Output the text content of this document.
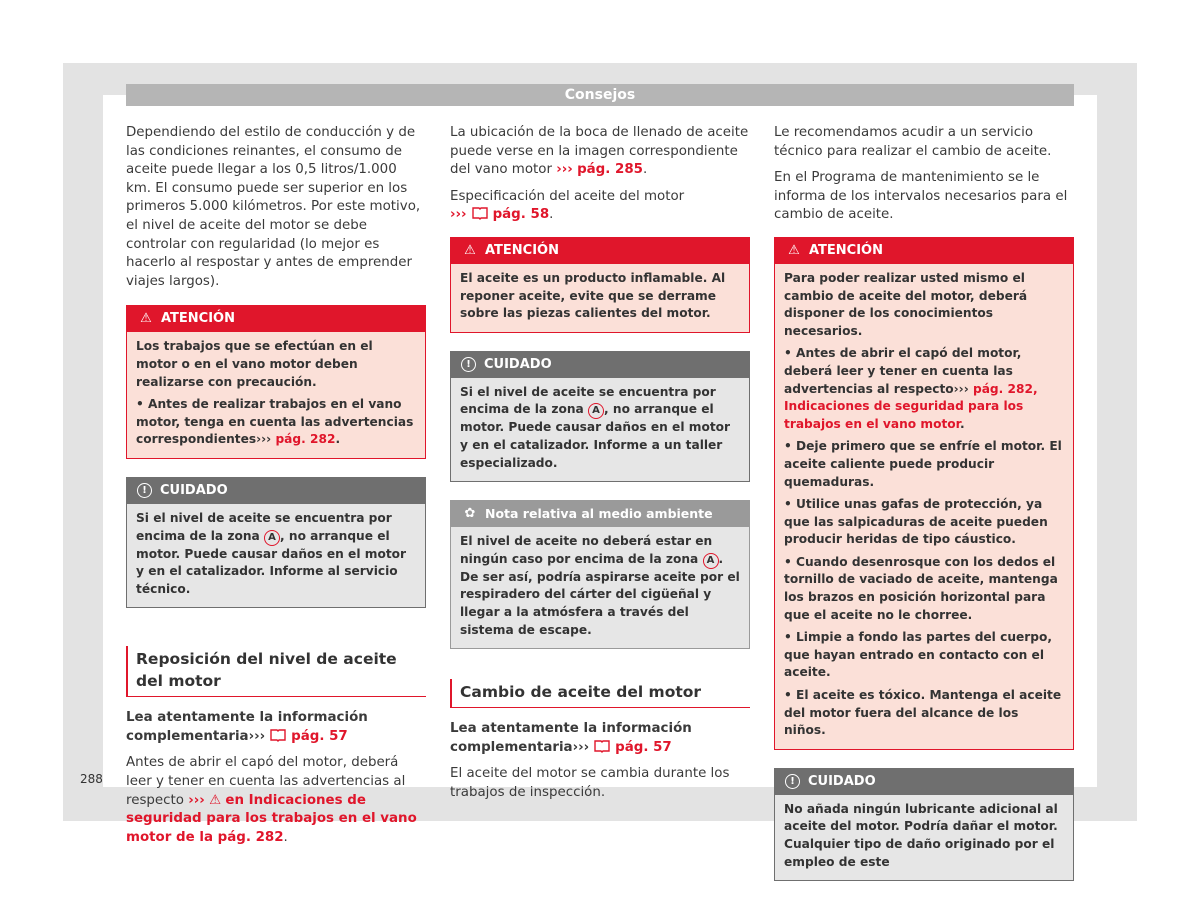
Consejos

Dependiendo del estilo de conducción y de las condiciones reinantes, el consumo de aceite puede llegar a los 0,5 litros/1.000 km. El consumo puede ser superior en los primeros 5.000 kilómetros. Por este motivo, el nivel de aceite del motor se debe controlar con regularidad (lo mejor es hacerlo al respostar y antes de emprender viajes largos).

⚠ ATENCIÓN

Los trabajos que se efectúan en el motor o en el vano motor deben realizarse con precaución.

• Antes de realizar trabajos en el vano motor, tenga en cuenta las advertencias correspondientes››› pág. 282.

!	CUIDADO

Si el nivel de aceite se encuentra por encima de la zona A , no arranque el motor. Puede causar daños en el motor y en el catalizador. Informe al servicio técnico.

Reposición del nivel de aceite del motor

Lea atentamente la información complementaria››› pág. 57

Antes de abrir el capó del motor, deberá leer y tener en cuenta las advertencias al respecto ››› ⚠ en Indicaciones de seguridad para los trabajos en el vano motor de la pág. 282.

La ubicación de la boca de llenado de aceite puede verse en la imagen correspondiente del vano motor ››› pág. 285.

Especificación del aceite del motor
››› pág. 58.

⚠ ATENCIÓN

El aceite es un producto inflamable. Al reponer aceite, evite que se derrame sobre las piezas calientes del motor.

!	CUIDADO

Si el nivel de aceite se encuentra por encima de la zona A , no arranque el motor. Puede causar daños en el motor y en el catalizador. Informe a un taller especializado.

✿ Nota relativa al medio ambiente

El nivel de aceite no deberá estar en ningún caso por encima de la zona A . De ser así, podría aspirarse aceite por el respiradero del cárter del cigüeñal y llegar a la atmósfera a través del sistema de escape.

Cambio de aceite del motor

Lea atentamente la información complementaria››› pág. 57

El aceite del motor se cambia durante los trabajos de inspección.

Le recomendamos acudir a un servicio técnico para realizar el cambio de aceite.

En el Programa de mantenimiento se le informa de los intervalos necesarios para el cambio de aceite.

⚠ ATENCIÓN

Para poder realizar usted mismo el cambio de aceite del motor, deberá disponer de los conocimientos necesarios.

• Antes de abrir el capó del motor, deberá leer y tener en cuenta las advertencias al respecto››› pág. 282, Indicaciones de seguridad para los trabajos en el vano motor.

• Deje primero que se enfríe el motor. El aceite caliente puede producir quemaduras.

• Utilice unas gafas de protección, ya que las salpicaduras de aceite pueden producir heridas de tipo cáustico.

• Cuando desenrosque con los dedos el tornillo de vaciado de aceite, mantenga los brazos en posición horizontal para que el aceite no le chorree.

• Limpie a fondo las partes del cuerpo, que hayan entrado en contacto con el aceite.

• El aceite es tóxico. Mantenga el aceite del motor fuera del alcance de los niños.

!	CUIDADO

No añada ningún lubricante adicional al aceite del motor. Podría dañar el motor. Cualquier tipo de daño originado por el empleo de este

288
